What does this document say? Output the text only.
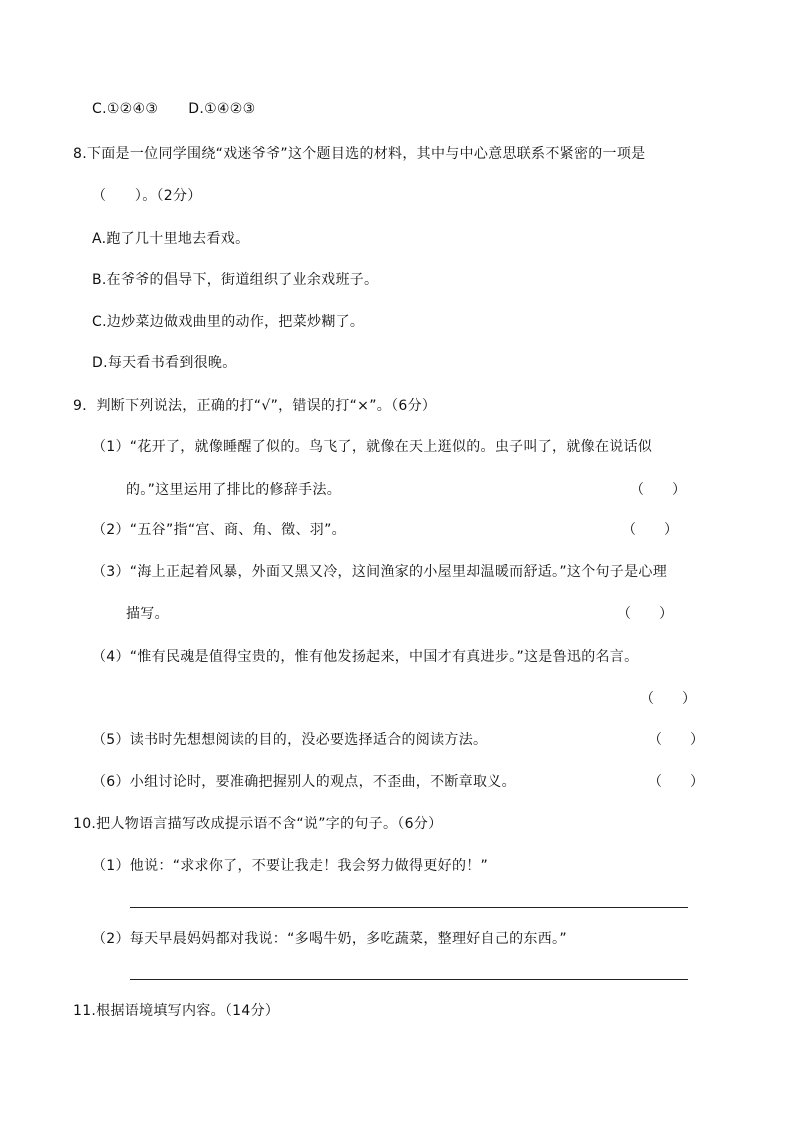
C.①②④③ D.①④②③
8.下面是一位同学围绕“戏迷爷爷”这个题目选的材料，其中与中心意思联系不紧密的一项是
（　　）。（2分）
A.跑了几十里地去看戏。
B.在爷爷的倡导下，街道组织了业余戏班子。
C.边炒菜边做戏曲里的动作，把菜炒糊了。
D.每天看书看到很晚。
9．判断下列说法，正确的打“√”，错误的打“×”。（6分）
（1）“花开了，就像睡醒了似的。鸟飞了，就像在天上逛似的。虫子叫了，就像在说话似
的。”这里运用了排比的修辞手法。	（　　）
（2）“五谷”指“宫、商、角、徵、羽”。	（　　）
（3）“海上正起着风暴，外面又黑又冷，这间渔家的小屋里却温暖而舒适。”这个句子是心理
描写。	（　　）
（4）“惟有民魂是值得宝贵的，惟有他发扬起来，中国才有真进步。”这是鲁迅的名言。
（　　）
（5）读书时先想想阅读的目的，没必要选择适合的阅读方法。	（　　）
（6）小组讨论时，要准确把握别人的观点，不歪曲，不断章取义。	（　　）
10.把人物语言描写改成提示语不含“说”字的句子。（6分）
（1）他说：“求求你了，不要让我走！我会努力做得更好的！”
（2）每天早晨妈妈都对我说：“多喝牛奶，多吃蔬菜，整理好自己的东西。”
11.根据语境填写内容。（14分）
